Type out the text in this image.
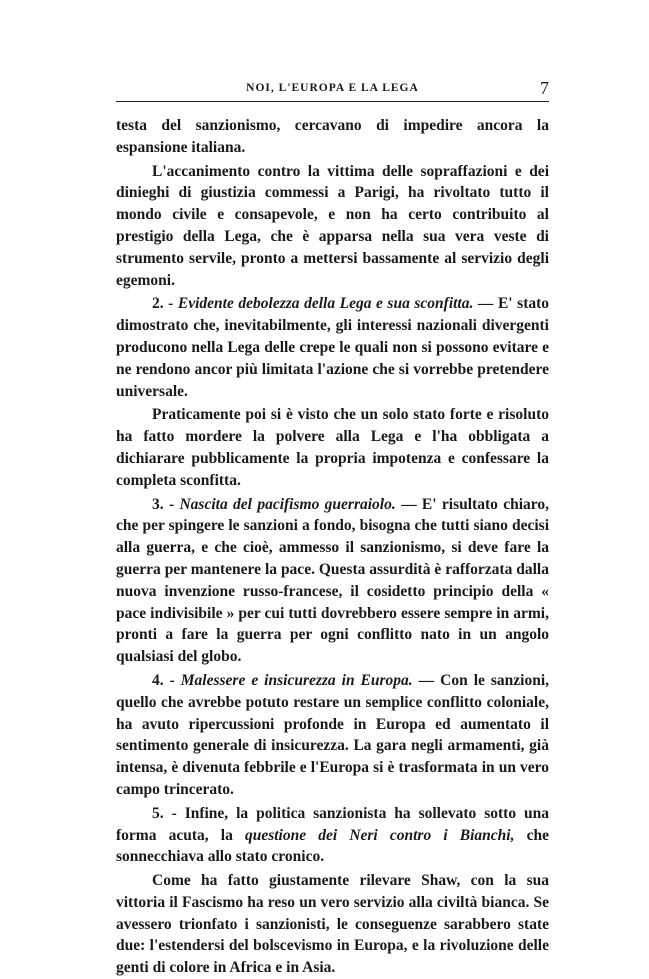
NOI, L'EUROPA E LA LEGA	7

testa del sanzionismo, cercavano di impedire ancora la espansione italiana.

L'accanimento contro la vittima delle sopraffazioni e dei dinieghi di giustizia commessi a Parigi, ha rivoltato tutto il mondo civile e consapevole, e non ha certo contribuito al prestigio della Lega, che è apparsa nella sua vera veste di strumento servile, pronto a mettersi bassamente al servizio degli egemoni.

2. - Evidente debolezza della Lega e sua sconfitta. — E' stato dimostrato che, inevitabilmente, gli interessi nazionali divergenti producono nella Lega delle crepe le quali non si possono evitare e ne rendono ancor più limitata l'azione che si vorrebbe pretendere universale.

Praticamente poi si è visto che un solo stato forte e risoluto ha fatto mordere la polvere alla Lega e l'ha obbligata a dichiarare pubblicamente la propria impotenza e confessare la completa sconfitta.

3. - Nascita del pacifismo guerraiolo. — E' risultato chiaro, che per spingere le sanzioni a fondo, bisogna che tutti siano decisi alla guerra, e che cioè, ammesso il sanzionismo, si deve fare la guerra per mantenere la pace. Questa assurdità è rafforzata dalla nuova invenzione russo-francese, il cosidetto principio della « pace indivisibile » per cui tutti dovrebbero essere sempre in armi, pronti a fare la guerra per ogni conflitto nato in un angolo qualsiasi del globo.

4. - Malessere e insicurezza in Europa. — Con le sanzioni, quello che avrebbe potuto restare un semplice conflitto coloniale, ha avuto ripercussioni profonde in Europa ed aumentato il sentimento generale di insicurezza. La gara negli armamenti, già intensa, è divenuta febbrile e l'Europa si è trasformata in un vero campo trincerato.

5. - Infine, la politica sanzionista ha sollevato sotto una forma acuta, la questione dei Neri contro i Bianchi, che sonnecchiava allo stato cronico.

Come ha fatto giustamente rilevare Shaw, con la sua vittoria il Fascismo ha reso un vero servizio alla civiltà bianca. Se avessero trionfato i sanzionisti, le conseguenze sarabbero state due: l'estendersi del bolscevismo in Europa, e la rivoluzione delle genti di colore in Africa e in Asia.
